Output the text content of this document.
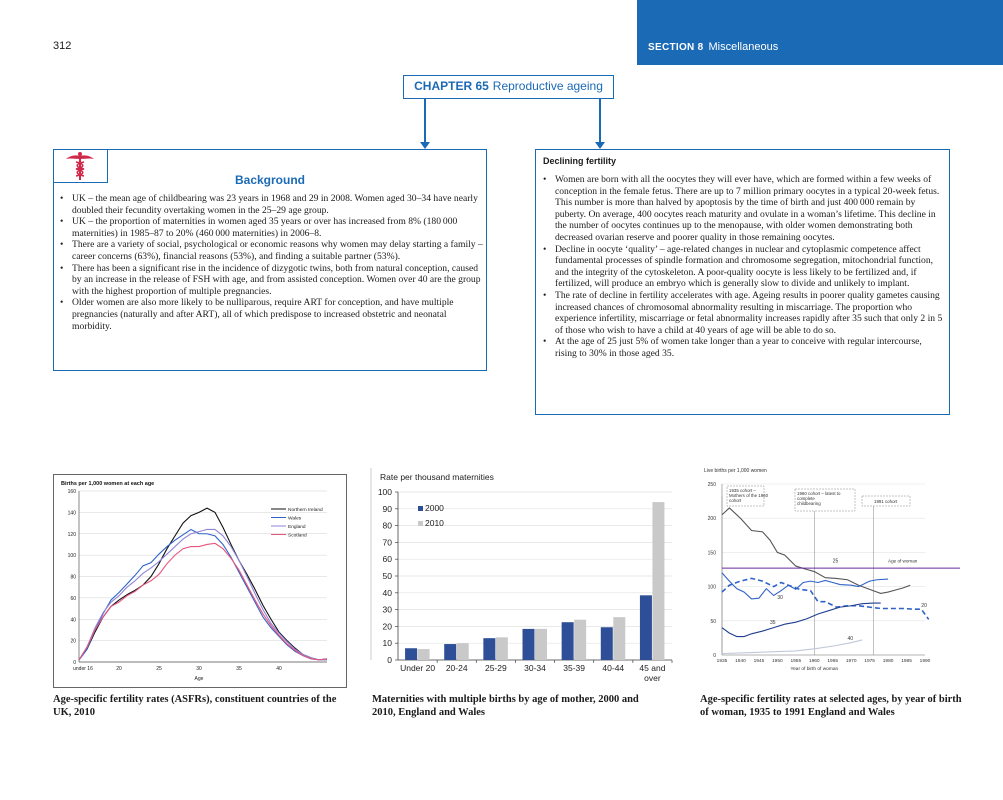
312	SECTION 8 Miscellaneous
CHAPTER 65 Reproductive ageing
Background
• UK – the mean age of childbearing was 23 years in 1968 and 29 in 2008. Women aged 30–34 have nearly doubled their fecundity overtaking women in the 25–29 age group.
• UK – the proportion of maternities in women aged 35 years or over has increased from 8% (180 000 maternities) in 1985–87 to 20% (460 000 maternities) in 2006–8.
• There are a variety of social, psychological or economic reasons why women may delay starting a family – career concerns (63%), financial reasons (53%), and finding a suitable partner (53%).
• There has been a significant rise in the incidence of dizygotic twins, both from natural conception, caused by an increase in the release of FSH with age, and from assisted conception. Women over 40 are the group with the highest proportion of multiple pregnancies.
• Older women are also more likely to be nulliparous, require ART for conception, and have multiple pregnancies (naturally and after ART), all of which predispose to increased obstetric and neonatal morbidity.
Declining fertility
• Women are born with all the oocytes they will ever have, which are formed within a few weeks of conception in the female fetus. There are up to 7 million primary oocytes in a typical 20-week fetus. This number is more than halved by apoptosis by the time of birth and just 400 000 remain by puberty. On average, 400 oocytes reach maturity and ovulate in a woman’s lifetime. This decline in the number of oocytes continues up to the menopause, with older women demonstrating both decreased ovarian reserve and poorer quality in those remaining oocytes.
• Decline in oocyte ‘quality’ – age-related changes in nuclear and cytoplasmic competence affect fundamental processes of spindle formation and chromosome segregation, mitochondrial function, and the integrity of the cytoskeleton. A poor-quality oocyte is less likely to be fertilized and, if fertilized, will produce an embryo which is generally slow to divide and unlikely to implant.
• The rate of decline in fertility accelerates with age. Ageing results in poorer quality gametes causing increased chances of chromosomal abnormality resulting in miscarriage. The proportion who experience infertility, miscarriage or fetal abnormality increases rapidly after 35 such that only 2 in 5 of those who wish to have a child at 40 years of age will be able to do so.
• At the age of 25 just 5% of women take longer than a year to conceive with regular intercourse, rising to 30% in those aged 35.
Births per 1,000 women at each age
0
20
40
60
80
100
120
140
160
under 16	20	25	30	35	40
Age
Northern Ireland
Wales
England
Scotland
Rate per thousand maternities
0
10
20
30
40
50
60
70
80
90
100
Under 20 20-24 25-29 30-34 35-39 40-44 45 and
over
2000
2010
Live births per 1,000 women
0
50
100
150
200
250
1935 1940 1945 1950 1955 1960 1965 1970 1975 1980 1985 1990
Year of birth of woman
25
30
20
35
40
1935 cohort –
Mothers of the 1960
cohort
1960 cohort – latest to
complete
childbearing	1991 cohort
Age of woman
Age-specific fertility rates (ASFRs), constituent countries of the UK, 2010
Maternities with multiple births by age of mother, 2000 and 2010, England and Wales
Age-specific fertility rates at selected ages, by year of birth of woman, 1935 to 1991 England and Wales
